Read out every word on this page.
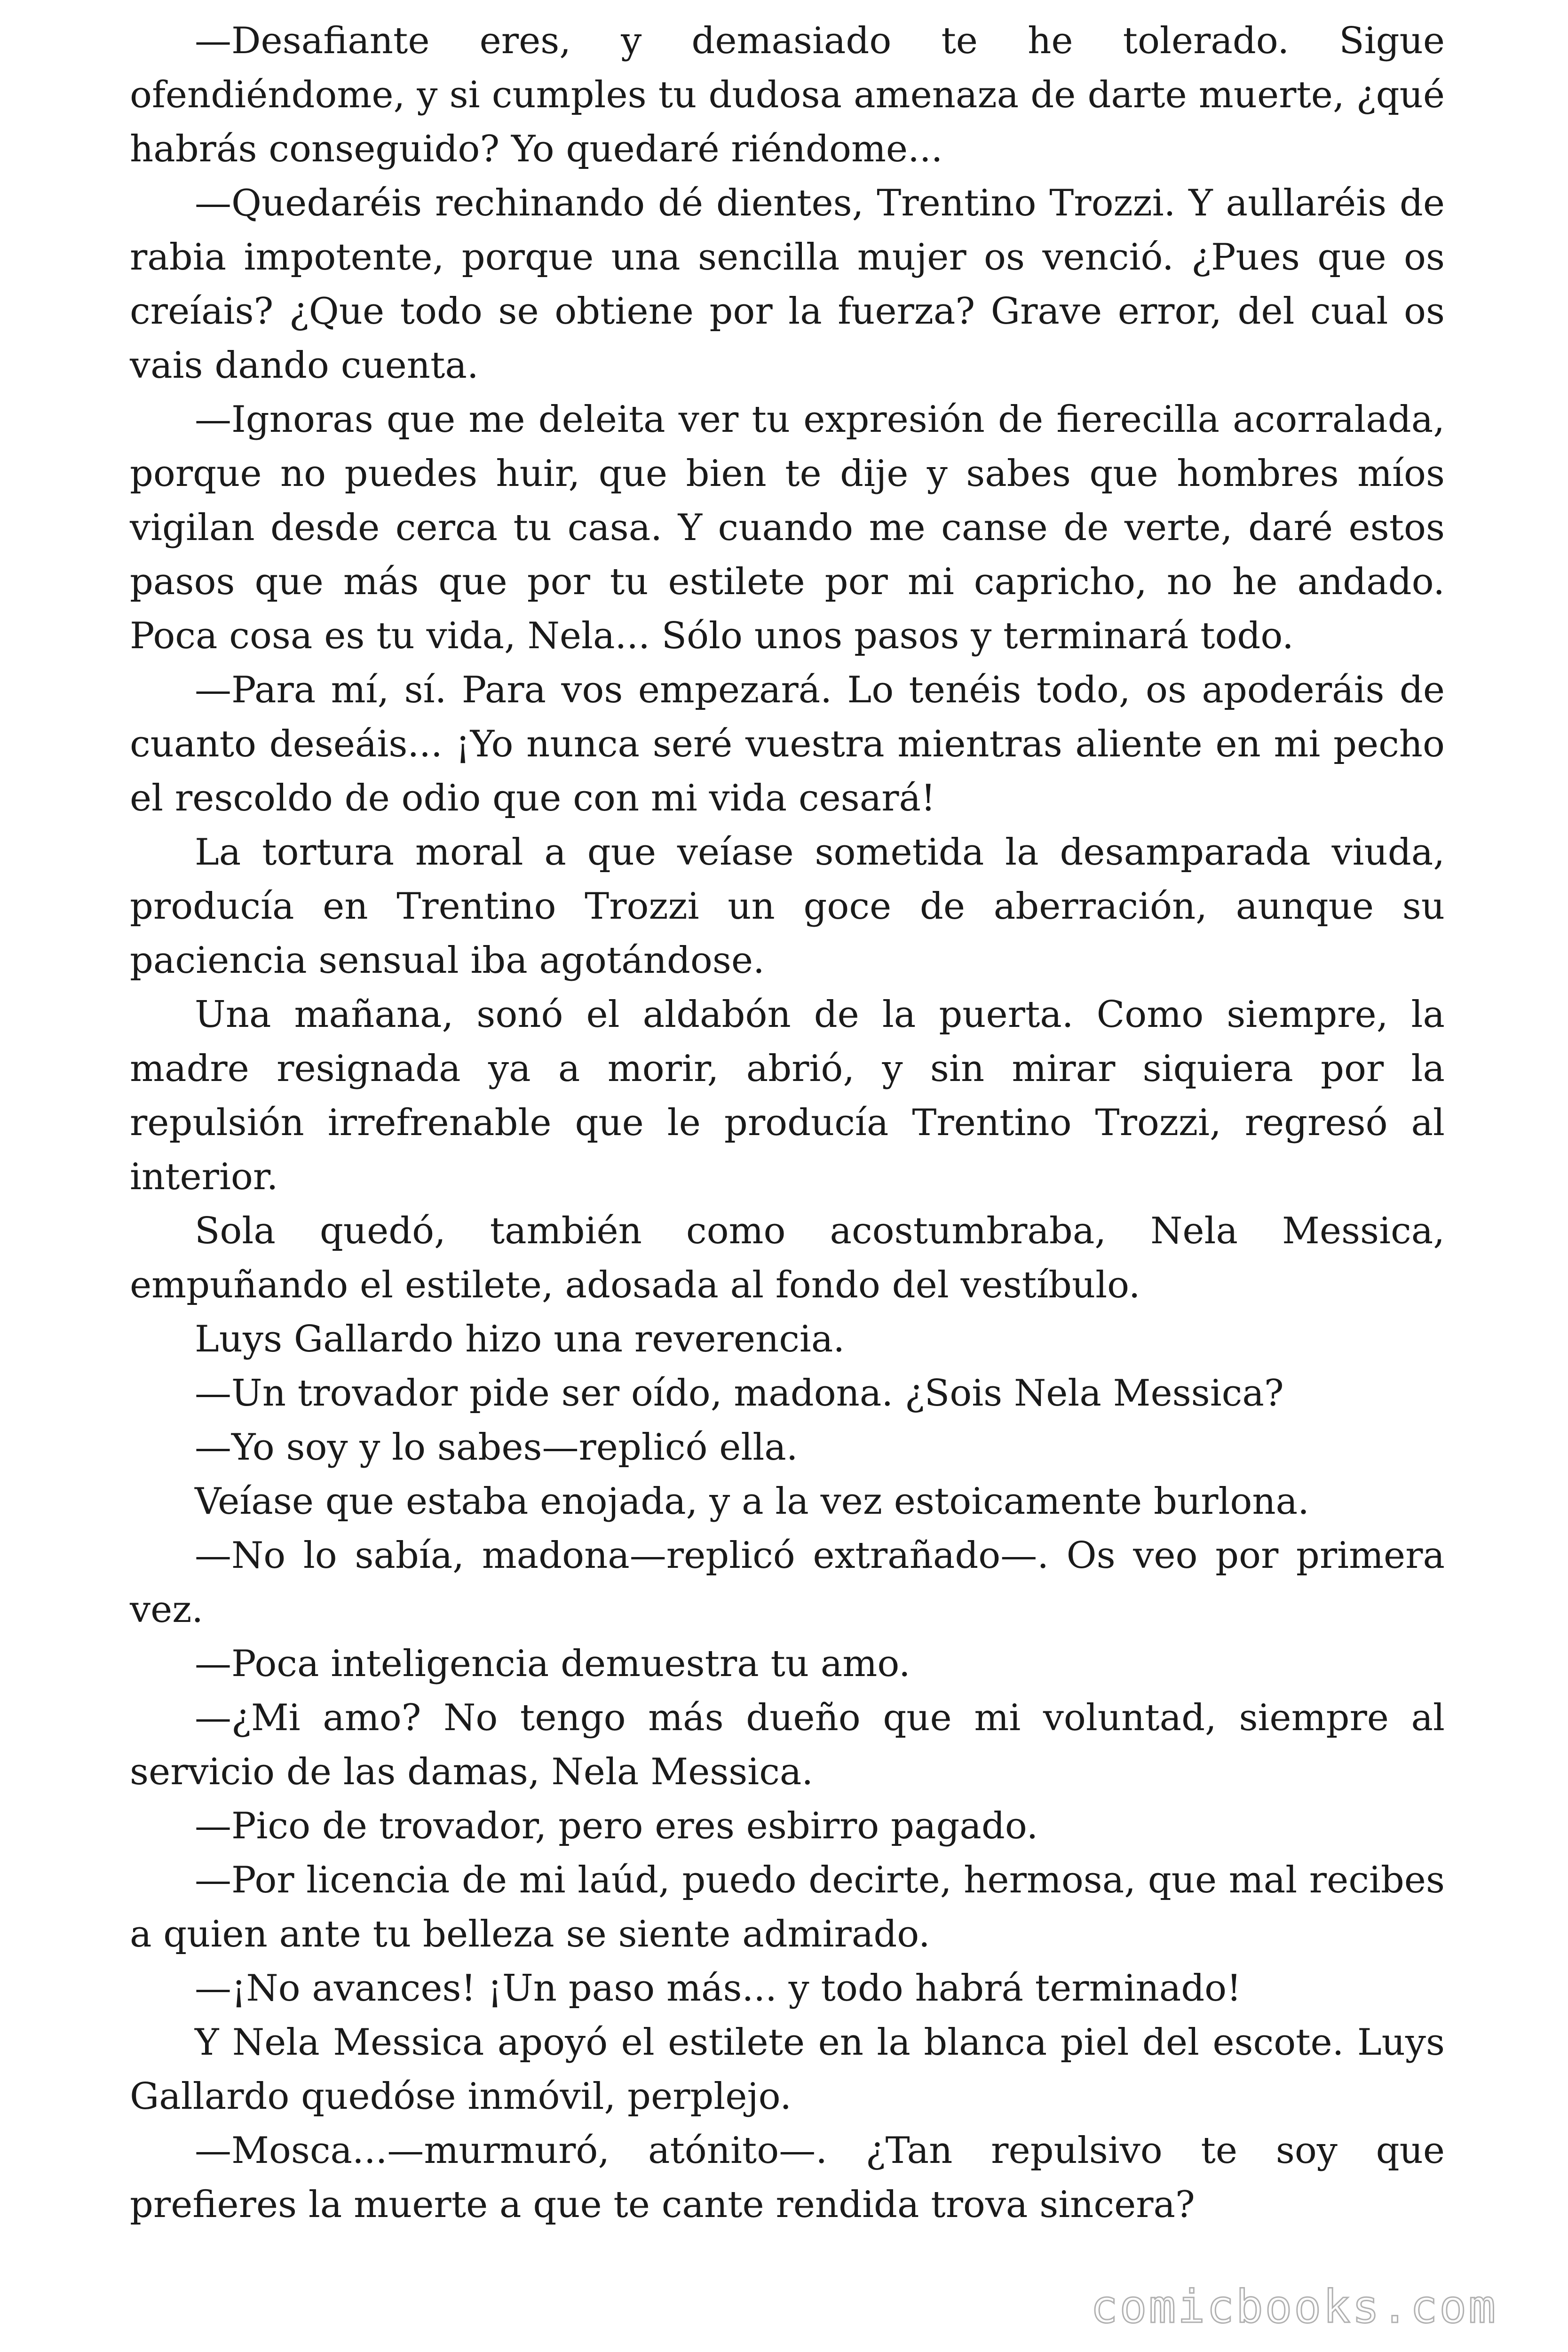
—Desafiante eres, y demasiado te he tolerado. Sigue ofendiéndome, y si cumples tu dudosa amenaza de darte muerte, ¿qué habrás conseguido? Yo quedaré riéndome...

—Quedaréis rechinando dé dientes, Trentino Trozzi. Y aullaréis de rabia impotente, porque una sencilla mujer os venció. ¿Pues que os creíais? ¿Que todo se obtiene por la fuerza? Grave error, del cual os vais dando cuenta.

—Ignoras que me deleita ver tu expresión de fierecilla acorralada, porque no puedes huir, que bien te dije y sabes que hombres míos vigilan desde cerca tu casa. Y cuando me canse de verte, daré estos pasos que más que por tu estilete por mi capricho, no he andado. Poca cosa es tu vida, Nela... Sólo unos pasos y terminará todo.

—Para mí, sí. Para vos empezará. Lo tenéis todo, os apoderáis de cuanto deseáis... ¡Yo nunca seré vuestra mientras aliente en mi pecho el rescoldo de odio que con mi vida cesará!

La tortura moral a que veíase sometida la desamparada viuda, producía en Trentino Trozzi un goce de aberración, aunque su paciencia sensual iba agotándose.

Una mañana, sonó el aldabón de la puerta. Como siempre, la madre resignada ya a morir, abrió, y sin mirar siquiera por la repulsión irrefrenable que le producía Trentino Trozzi, regresó al interior.

Sola quedó, también como acostumbraba, Nela Messica, empuñando el estilete, adosada al fondo del vestíbulo.

Luys Gallardo hizo una reverencia.

—Un trovador pide ser oído, madona. ¿Sois Nela Messica?

—Yo soy y lo sabes—replicó ella.

Veíase que estaba enojada, y a la vez estoicamente burlona.

—No lo sabía, madona—replicó extrañado—. Os veo por primera vez.

—Poca inteligencia demuestra tu amo.

—¿Mi amo? No tengo más dueño que mi voluntad, siempre al servicio de las damas, Nela Messica.

—Pico de trovador, pero eres esbirro pagado.

—Por licencia de mi laúd, puedo decirte, hermosa, que mal recibes a quien ante tu belleza se siente admirado.

—¡No avances! ¡Un paso más... y todo habrá terminado!

Y Nela Messica apoyó el estilete en la blanca piel del escote. Luys Gallardo quedóse inmóvil, perplejo.

—Mosca...—murmuró, atónito—. ¿Tan repulsivo te soy que prefieres la muerte a que te cante rendida trova sincera?

comicbooks.com
